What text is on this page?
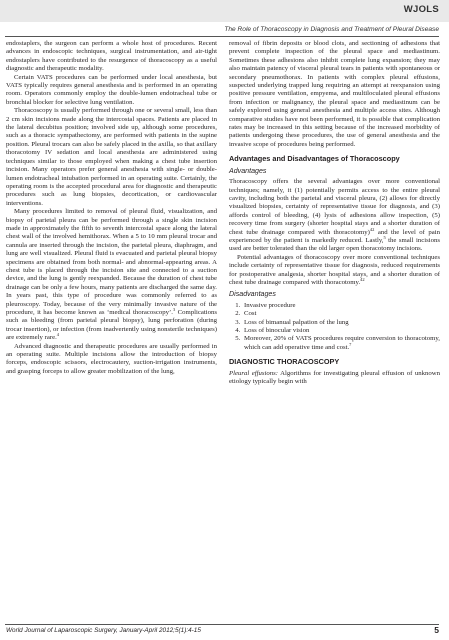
WJOLS
The Role of Thoracoscopy in Diagnosis and Treatment of Pleural Disease

endostaplers, the surgeon can perform a whole host of procedures. Recent advances in endoscopic techniques, surgical instrumentation, and air-tight endostaplers have contributed to the resurgence of thoracoscopy as a useful diagnostic and therapeutic modality.

Certain VATS procedures can be performed under local anesthesia, but VATS typically requires general anesthesia and is performed in an operating room. Operators commonly employ the double-lumen endotracheal tube or bronchial blocker for selective lung ventilation.

Thoracoscopy is usually performed through one or several small, less than 2 cm skin incisions made along the intercostal spaces. Patients are placed in the lateral decubitus position; involved side up, although some procedures, such as a thoracic sympathectomy, are performed with patients in the supine position. Pleural trocars can also be safely placed in the axilla, so that axillary thoracotomy IV sedation and local anesthesia are administered using techniques similar to those employed when making a chest tube insertion incision. Many operators prefer general anesthesia with single- or double-lumen endotracheal intubation performed in an operating suite. Certainly, the operating room is the accepted procedural area for diagnostic and therapeutic procedures such as lung biopsies, decortication, or cardiovascular interventions.

Many procedures limited to removal of pleural fluid, visualization, and biopsy of parietal pleura can be performed through a single skin incision made in approximately the fifth to seventh intercostal space along the lateral chest wall of the involved hemithorax. When a 5 to 10 mm pleural trocar and cannula are inserted through the incision, the parietal pleura, diaphragm, and lung are well visualized. Pleural fluid is evacuated and parietal pleural biopsy specimens are obtained from both normal- and abnormal-appearing areas. A chest tube is placed through the incision site and connected to a suction device, and the lung is gently reexpanded. Because the duration of chest tube drainage can be only a few hours, many patients are discharged the same day. In years past, this type of procedure was commonly referred to as pleuroscopy. Today, because of the very minimally invasive nature of the procedure, it has become known as ‘medical thoracoscopy’.$^3$ Complications such as bleeding (from parietal pleural biopsy), lung perforation (during trocar insertion), or infection (from inadvertently using nonsterile techniques) are extremely rare.$^4$

Advanced diagnostic and therapeutic procedures are usually performed in an operating suite. Multiple incisions allow the introduction of biopsy forceps, endoscopic scissors, electrocautery, suction-irrigation instruments, and grasping forceps to allow greater mobilization of the lung,

removal of fibrin deposits or blood clots, and sectioning of adhesions that prevent complete inspection of the pleural space and mediastinum. Sometimes these adhesions also inhibit complete lung expansion; they may also maintain patency of visceral pleural tears in patients with spontaneous or secondary pneumothorax. In patients with complex pleural effusions, suspected underlying trapped lung requiring an attempt at reexpansion using positive pressure ventilation, empyema, and multiloculated pleural effusions from infection or malignancy, the pleural space and mediastinum can be safely explored using general anesthesia and multiple access sites. Although comparative studies have not been performed, it is possible that complication rates may be increased in this setting because of the increased morbidity of patients undergoing these procedures, the use of general anesthesia and the invasive scope of procedures being performed.

Advantages and Disadvantages of Thoracoscopy
Advantages

Thoracoscopy offers the several advantages over more conventional techniques; namely, it (1) potentially permits access to the entire pleural cavity, including both the parietal and visceral pleura, (2) allows for directly visualized biopsies, certainty of representative tissue for diagnosis, and (3) affords control of bleeding, (4) lysis of adhesions allow inspection, (5) recovery time from surgery (shorter hospital stays and a shorter duration of chest tube drainage compared with thoracotomy)$^{42}$ and the level of pain experienced by the patient is markedly reduced. Lastly,$^5$ the small incisions used are better tolerated than the old larger open thoracotomy incisions.

Potential advantages of thoracoscopy over more conventional techniques include certainty of representative tissue for diagnosis, reduced requirements for postoperative analgesia, shorter hospital stays, and a shorter duration of chest tube drainage compared with thoracotomy.$^{42}$

Disadvantages
1. Invasive procedure
2. Cost
3. Loss of bimanual palpation of the lung
4. Loss of binocular vision
5. Moreover, 20% of VATS procedures require conversion to thoracotomy, which can add operative time and cost.$^7$
DIAGNOSTIC THORACOSCOPY

Pleural effusions: Algorithms for investigating pleural effusion of unknown etiology typically begin with

World Journal of Laparoscopic Surgery, January-April 2012;5(1):4-15	5
